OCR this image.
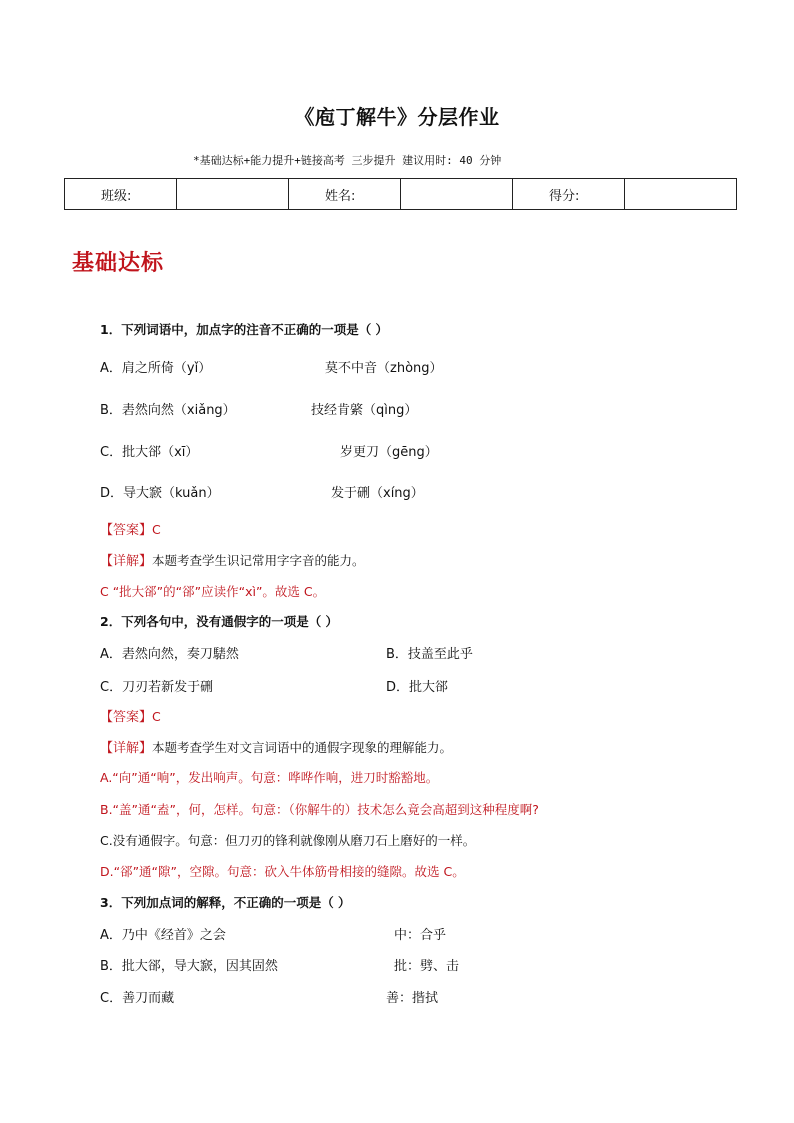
《庖丁解牛》分层作业
*基础达标+能力提升+链接高考 三步提升 建议用时: 40 分钟
班级:		姓名:		得分:	
基础达标
1．下列词语中，加点字的注音不正确的一项是（ ）
A．肩之所倚（yǐ）	莫不中音（zhòng）
B．砉然向然（xiǎng）	技经肯綮（qìng）
C．批大郤（xī）	岁更刀（gēng）
D．导大窾（kuǎn）	发于硎（xíng）
【答案】C
【详解】本题考查学生识记常用字字音的能力。
C “批大郤”的“郤”应读作“xì”。故选 C。
2．下列各句中，没有通假字的一项是（ ）
A．砉然向然，奏刀騞然	B．技盖至此乎
C．刀刃若新发于硎	D．批大郤
【答案】C
【详解】本题考查学生对文言词语中的通假字现象的理解能力。
A.“向”通“响”，发出响声。句意：哗哗作响，进刀时豁豁地。
B.“盖”通“盍”，何，怎样。句意：（你解牛的）技术怎么竟会高超到这种程度啊?
C.没有通假字。句意：但刀刃的锋利就像刚从磨刀石上磨好的一样。
D.“郤”通“隙”，空隙。句意：砍入牛体筋骨相接的缝隙。故选 C。
3．下列加点词的解释，不正确的一项是（ ）
A．乃中《经首》之会	中：合乎
B．批大郤，导大窾，因其固然	批：劈、击
C．善刀而藏	善：揩拭
